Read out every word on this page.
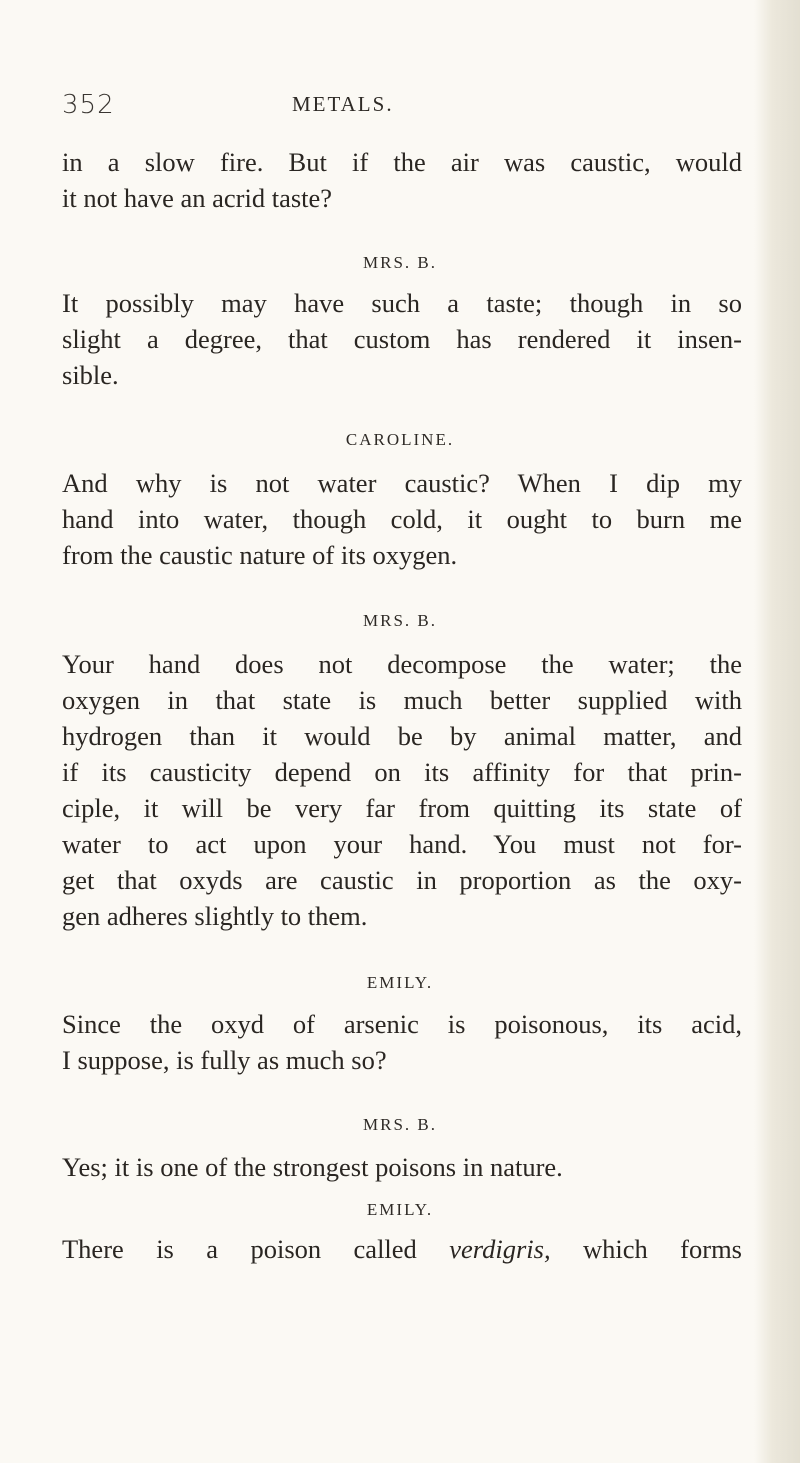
352	METALS.
in a slow fire. But if the air was caustic, would
it not have an acrid taste?
MRS. B.
It possibly may have such a taste; though in so
slight a degree, that custom has rendered it insen-
sible.
CAROLINE.
And why is not water caustic? When I dip my
hand into water, though cold, it ought to burn me
from the caustic nature of its oxygen.
MRS. B.
Your hand does not decompose the water; the
oxygen in that state is much better supplied with
hydrogen than it would be by animal matter, and
if its causticity depend on its affinity for that prin-
ciple, it will be very far from quitting its state of
water to act upon your hand. You must not for-
get that oxyds are caustic in proportion as the oxy-
gen adheres slightly to them.
EMILY.
Since the oxyd of arsenic is poisonous, its acid,
I suppose, is fully as much so?
MRS. B.
Yes; it is one of the strongest poisons in nature.
EMILY.
There is a poison called verdigris, which forms
